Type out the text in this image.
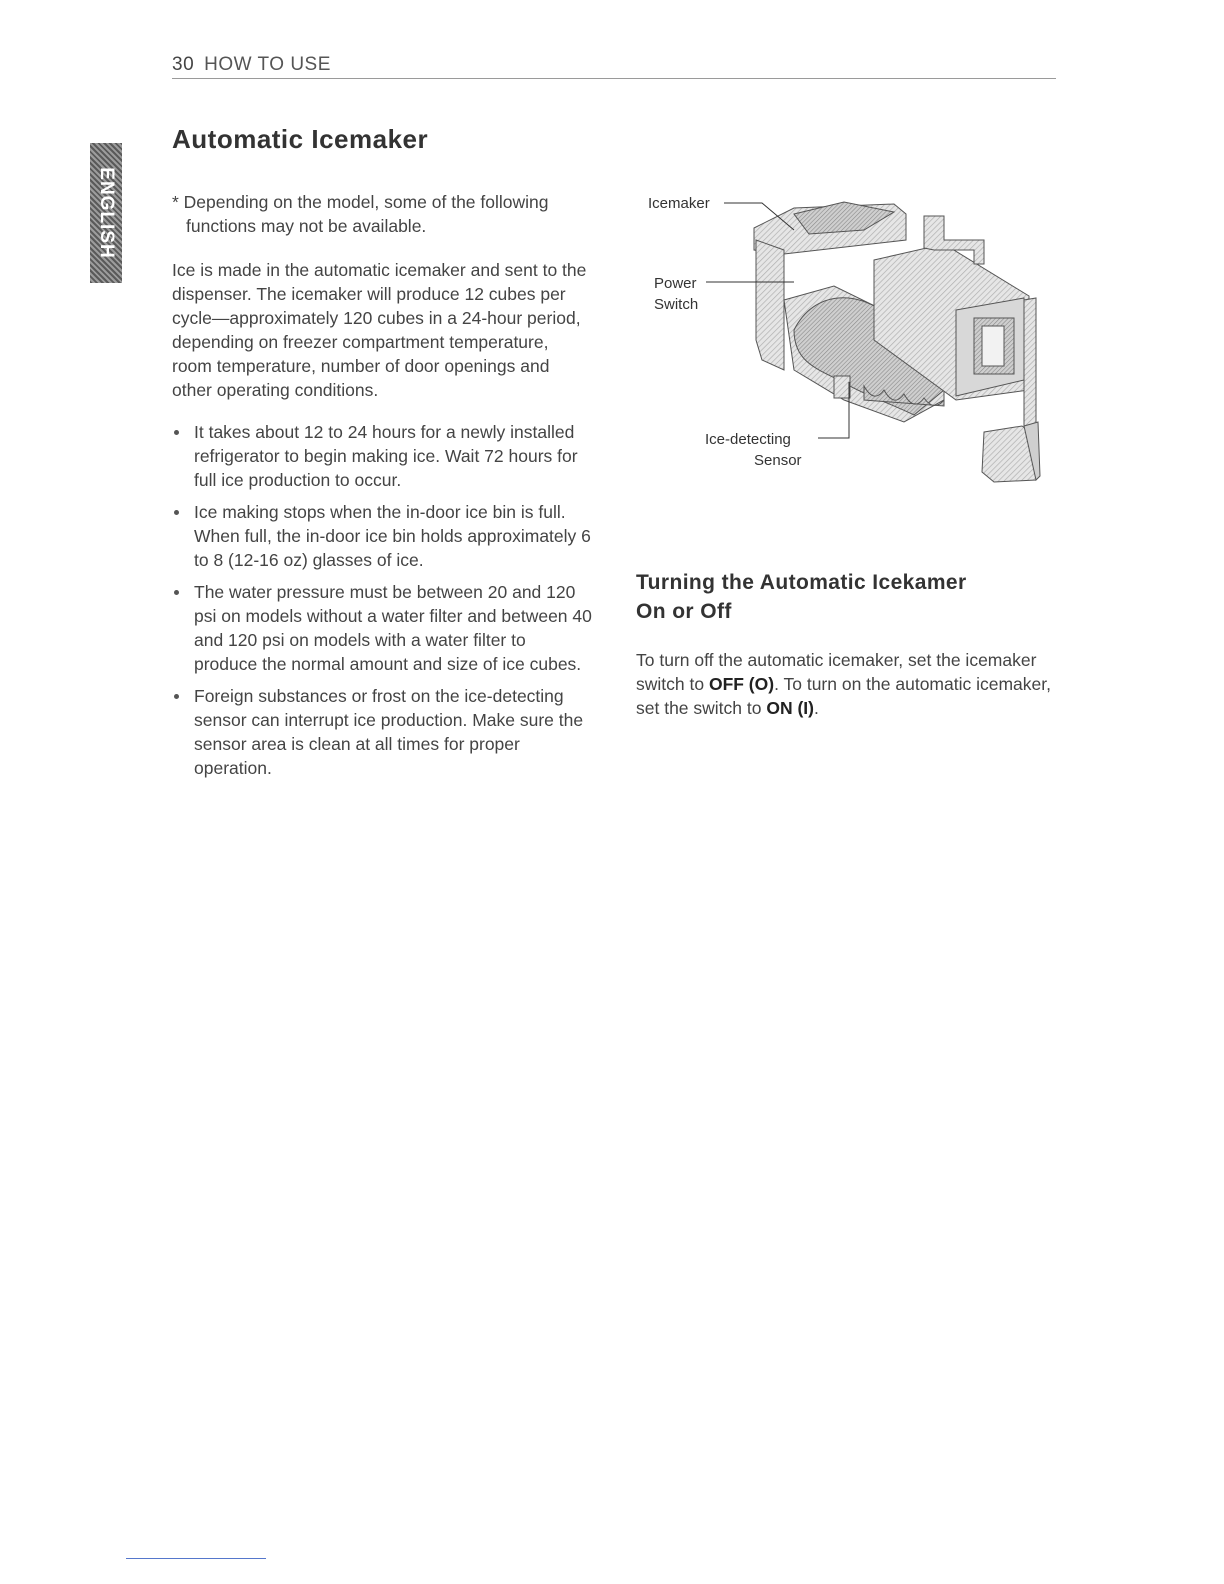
30 HOW TO USE
ENGLISH
Automatic Icemaker

* Depending on the model, some of the following functions may not be available.

Ice is made in the automatic icemaker and sent to the dispenser. The icemaker will produce 12 cubes per cycle—approximately 120 cubes in a 24-hour period, depending on freezer compartment temperature, room temperature, number of door openings and other operating conditions.

It takes about 12 to 24 hours for a newly installed refrigerator to begin making ice. Wait 72 hours for full ice production to occur.
Ice making stops when the in-door ice bin is full. When full, the in-door ice bin holds approximately 6 to 8 (12-16 oz) glasses of ice.
The water pressure must be between 20 and 120 psi on models without a water filter and between 40 and 120 psi on models with a water filter to produce the normal amount and size of ice cubes.
Foreign substances or frost on the ice-detecting sensor can interrupt ice production. Make sure the sensor area is clean at all times for proper operation.
Icemaker
Power
Switch
Ice-detecting
Sensor
Turning the Automatic Icekamer
On or Off

To turn off the automatic icemaker, set the icemaker switch to OFF (O). To turn on the automatic icemaker, set the switch to ON (I).
